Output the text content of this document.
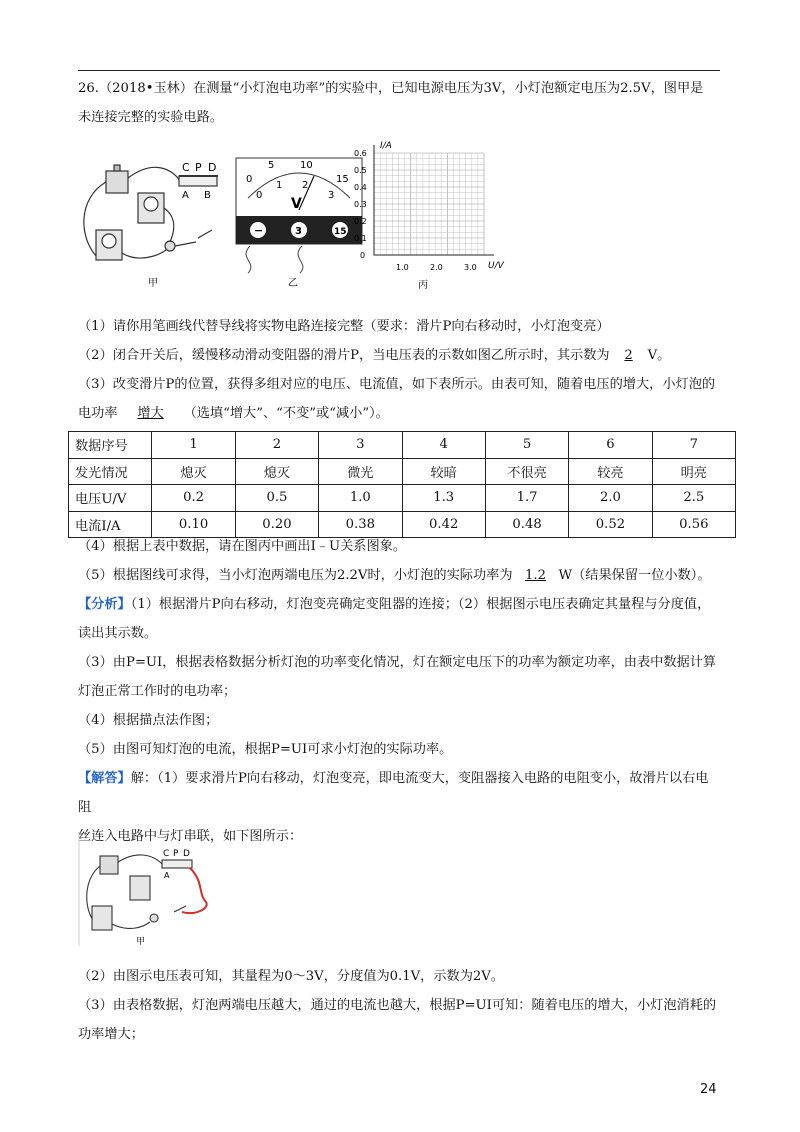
26.（2018•玉林）在测量“小灯泡电功率”的实验中，已知电源电压为3V，小灯泡额定电压为2.5V，图甲是
未连接完整的实验电路。
C P D
A B
甲
0
5	10
15
0
1 2
3
V
−	3	15
乙
I/A
U/V
0.6
0.5
0.4
0.3
0.2
0.1
0
1.0	2.0	3.0
丙
（1）请你用笔画线代替导线将实物电路连接完整（要求：滑片P向右移动时，小灯泡变亮）
（2）闭合开关后，缓慢移动滑动变阻器的滑片P，当电压表的示数如图乙所示时，其示数为 2 V。
（3）改变滑片P的位置，获得多组对应的电压、电流值，如下表所示。由表可知，随着电压的增大，小灯泡的
电功率 增大 （选填“增大”、“不变”或“减小”）。
数据序号	1	2	3	4	5	6	7
发光情况	熄灭	熄灭	微光	较暗	不很亮	较亮	明亮
电压U/V	0.2	0.5	1.0	1.3	1.7	2.0	2.5
电流I/A	0.10	0.20	0.38	0.42	0.48	0.52	0.56
（4）根据上表中数据，请在图丙中画出I﹣U关系图象。
（5）根据图线可求得，当小灯泡两端电压为2.2V时，小灯泡的实际功率为 1.2 W（结果保留一位小数）。
【分析】（1）根据滑片P向右移动，灯泡变亮确定变阻器的连接；（2）根据图示电压表确定其量程与分度值，
读出其示数。
（3）由P=UI，根据表格数据分析灯泡的功率变化情况，灯在额定电压下的功率为额定功率，由表中数据计算
灯泡正常工作时的电功率；
（4）根据描点法作图；
（5）由图可知灯泡的电流，根据P=UI可求小灯泡的实际功率。
【解答】解：（1）要求滑片P向右移动，灯泡变亮，即电流变大，变阻器接入电路的电阻变小，故滑片以右电阻
丝连入电路中与灯串联，如下图所示：
C P D
A
甲
（2）由图示电压表可知，其量程为0～3V，分度值为0.1V，示数为2V。
（3）由表格数据，灯泡两端电压越大，通过的电流也越大，根据P=UI可知：随着电压的增大，小灯泡消耗的
功率增大；
24
